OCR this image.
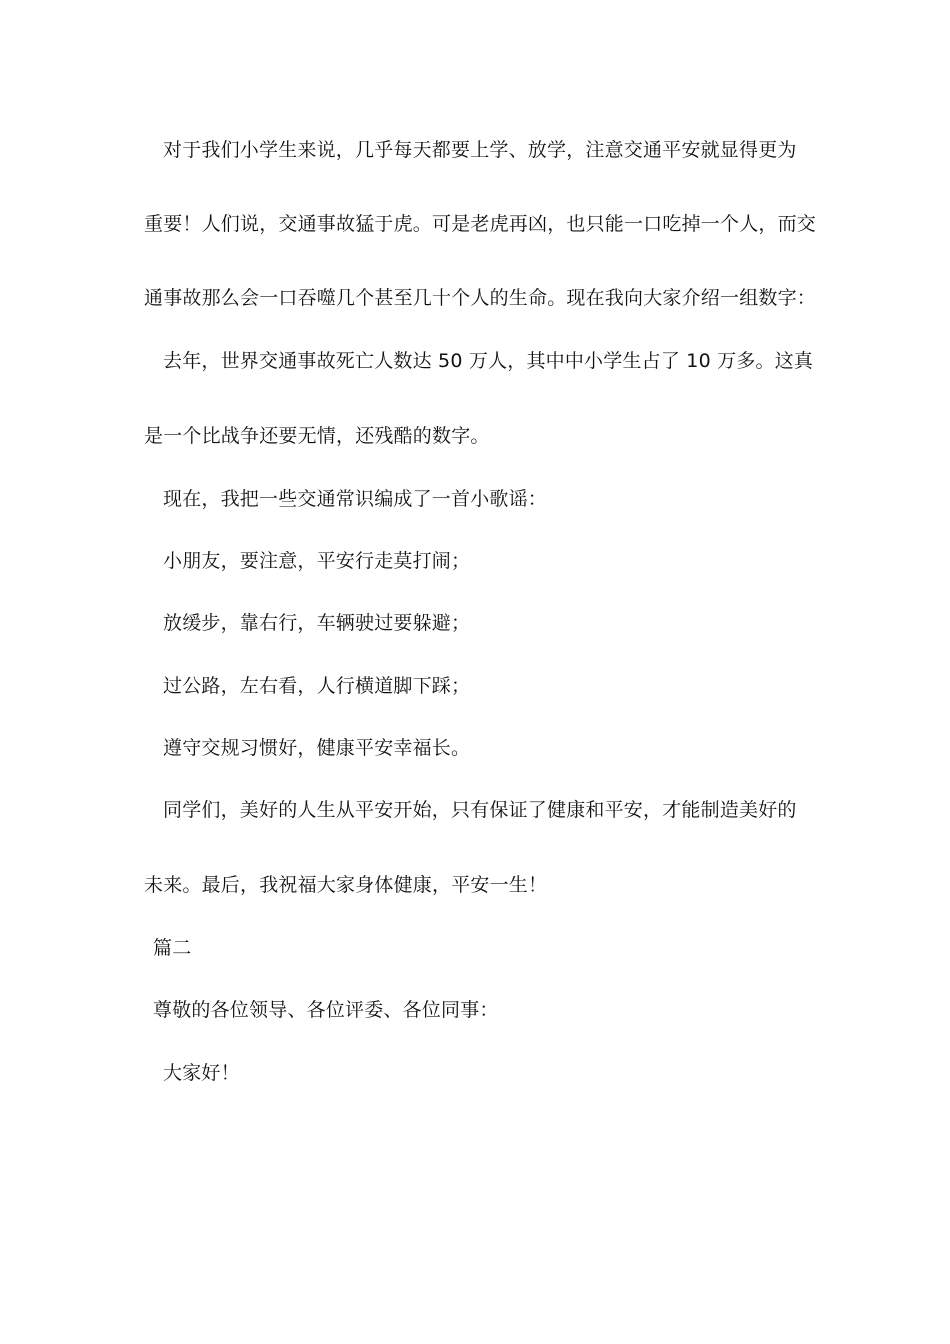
对于我们小学生来说，几乎每天都要上学、放学，注意交通平安就显得更为
重要！人们说，交通事故猛于虎。可是老虎再凶，也只能一口吃掉一个人，而交
通事故那么会一口吞噬几个甚至几十个人的生命。现在我向大家介绍一组数字：
去年，世界交通事故死亡人数达 50 万人，其中中小学生占了 10 万多。这真
是一个比战争还要无情，还残酷的数字。
现在，我把一些交通常识编成了一首小歌谣：
小朋友，要注意，平安行走莫打闹；
放缓步，靠右行，车辆驶过要躲避；
过公路，左右看，人行横道脚下踩；
遵守交规习惯好，健康平安幸福长。
同学们，美好的人生从平安开始，只有保证了健康和平安，才能制造美好的
未来。最后，我祝福大家身体健康，平安一生！
篇二
尊敬的各位领导、各位评委、各位同事：
大家好！
